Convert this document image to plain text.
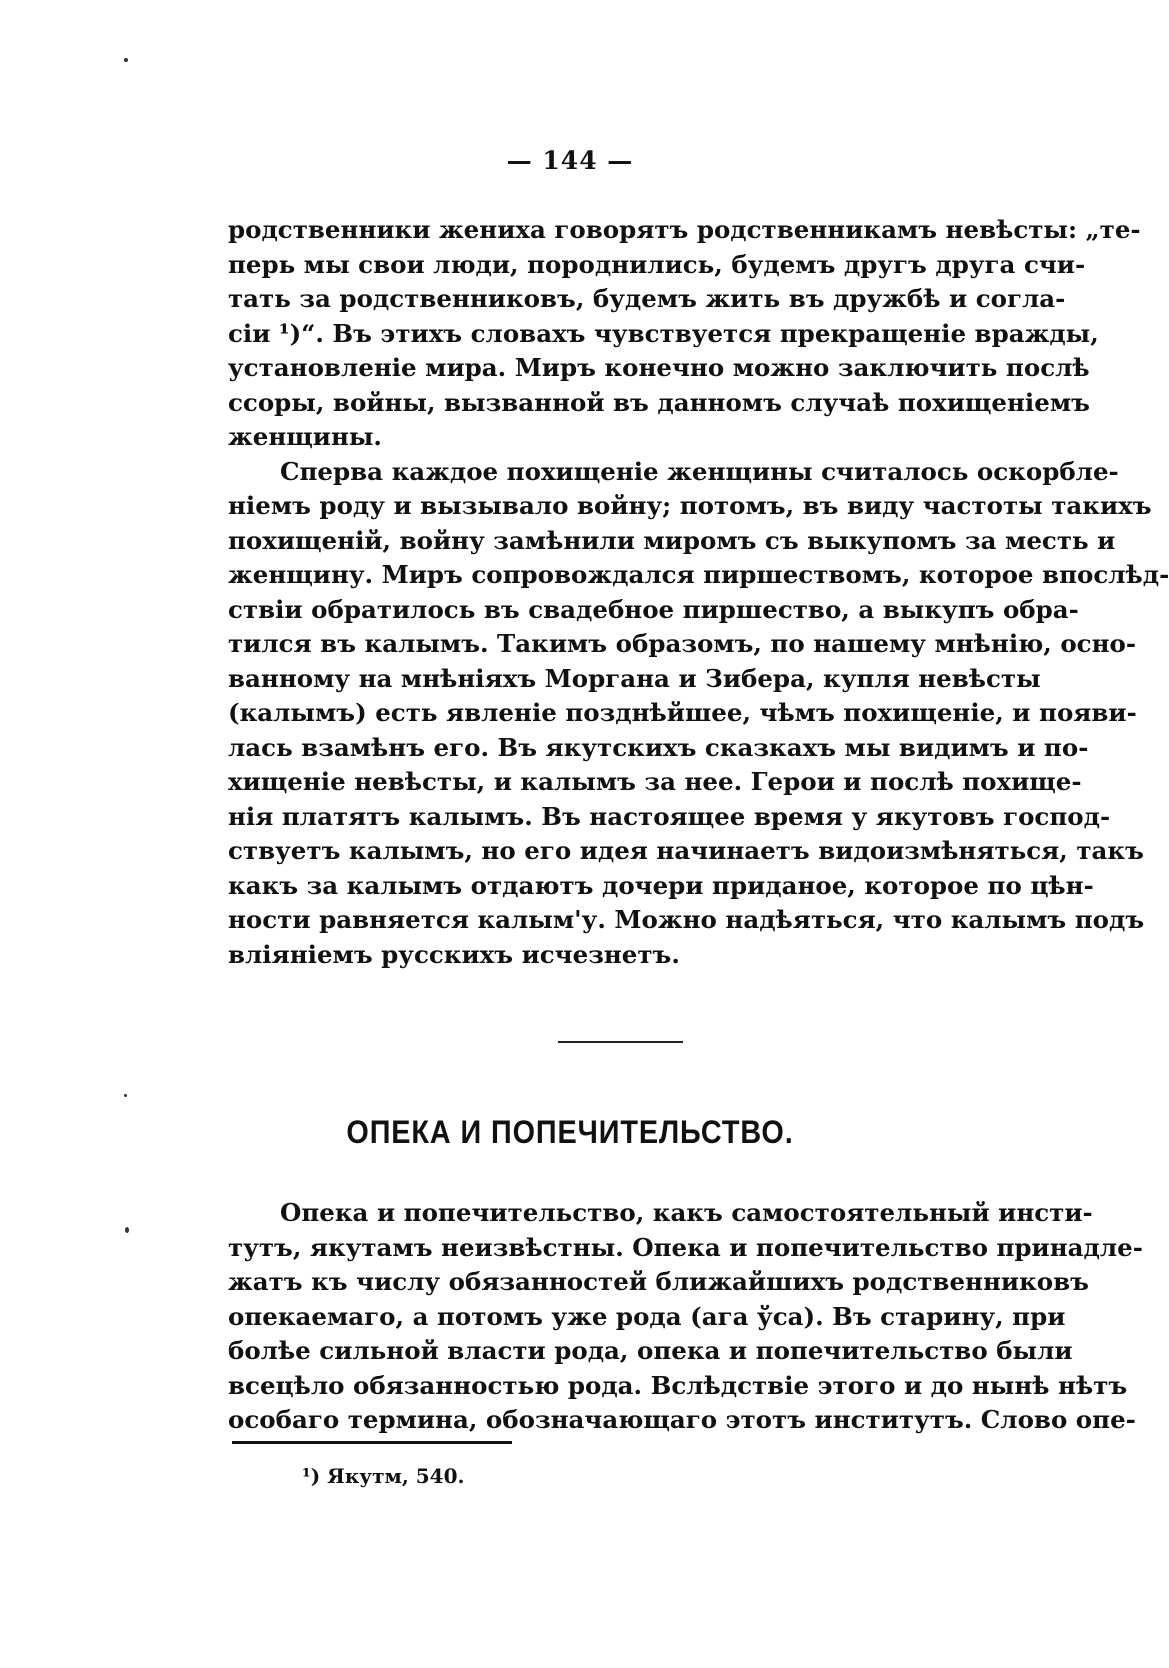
— 144 —
родственники жениха говорятъ родственникамъ невѣсты: „те-
перь мы свои люди, породнились, будемъ другъ друга счи-
тать за родственниковъ, будемъ жить въ дружбѣ и согла-
сіи ¹)“. Въ этихъ словахъ чувствуется прекращеніе вражды,
установленіе мира. Миръ конечно можно заключить послѣ
ссоры, войны, вызванной въ данномъ случаѣ похищеніемъ
женщины.
Сперва каждое похищеніе женщины считалось оскорбле-
ніемъ роду и вызывало войну; потомъ, въ виду частоты такихъ
похищеній, войну замѣнили миромъ съ выкупомъ за месть и
женщину. Миръ сопровождался пиршествомъ, которое впослѣд-
ствіи обратилось въ свадебное пиршество, а выкупъ обра-
тился въ калымъ. Такимъ образомъ, по нашему мнѣнію, осно-
ванному на мнѣніяхъ Моргана и Зибера, купля невѣсты
(калымъ) есть явленіе позднѣйшее, чѣмъ похищеніе, и появи-
лась взамѣнъ его. Въ якутскихъ сказкахъ мы видимъ и по-
хищеніе невѣсты, и калымъ за нее. Герои и послѣ похище-
нія платятъ калымъ. Въ настоящее время у якутовъ господ-
ствуетъ калымъ, но его идея начинаетъ видоизмѣняться, такъ
какъ за калымъ отдаютъ дочери приданое, которое по цѣн-
ности равняется калым'у. Можно надѣяться, что калымъ подъ
вліяніемъ русскихъ исчезнетъ.
ОПЕКА И ПОПЕЧИТЕЛЬСТВО.
Опека и попечительство, какъ самостоятельный инсти-
тутъ, якутамъ неизвѣстны. Опека и попечительство принадле-
жатъ къ числу обязанностей ближайшихъ родственниковъ
опекаемаго, а потомъ уже рода (ага ўса). Въ старину, при
болѣе сильной власти рода, опека и попечительство были
всецѣло обязанностью рода. Вслѣдствіе этого и до нынѣ нѣтъ
особаго термина, обозначающаго этотъ институтъ. Слово опе-
¹) Якутм, 540.
